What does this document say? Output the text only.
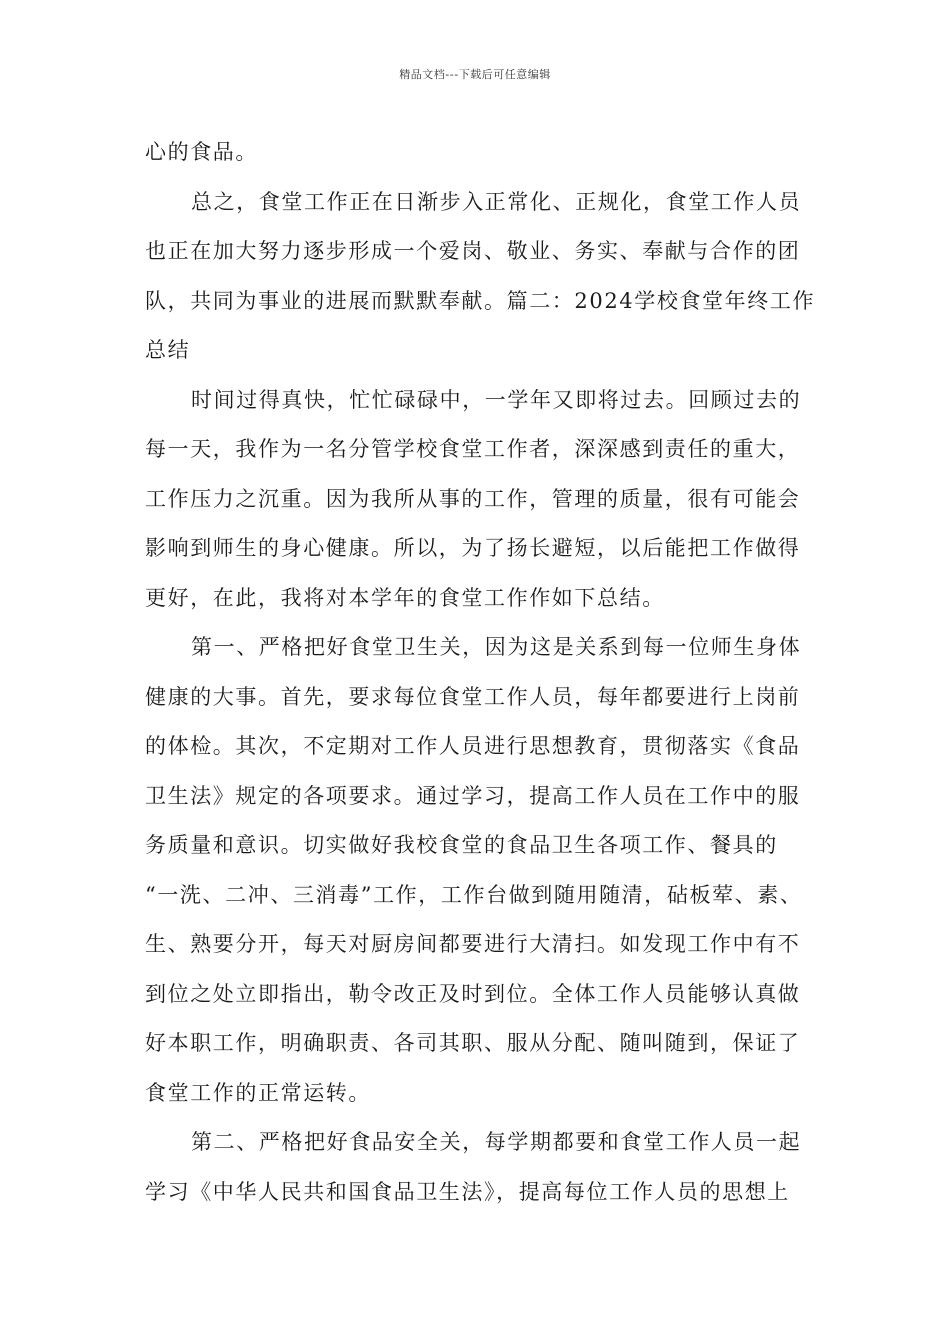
精品文档---下载后可任意编辑
心的食品。
总之，食堂工作正在日渐步入正常化、正规化，食堂工作人员
也正在加大努力逐步形成一个爱岗、敬业、务实、奉献与合作的团
队，共同为事业的进展而默默奉献。篇二：2024学校食堂年终工作
总结
时间过得真快，忙忙碌碌中，一学年又即将过去。回顾过去的
每一天，我作为一名分管学校食堂工作者，深深感到责任的重大，
工作压力之沉重。因为我所从事的工作，管理的质量，很有可能会
影响到师生的身心健康。所以，为了扬长避短，以后能把工作做得
更好，在此，我将对本学年的食堂工作作如下总结。
第一、严格把好食堂卫生关，因为这是关系到每一位师生身体
健康的大事。首先，要求每位食堂工作人员，每年都要进行上岗前
的体检。其次，不定期对工作人员进行思想教育，贯彻落实《食品
卫生法》规定的各项要求。通过学习，提高工作人员在工作中的服
务质量和意识。切实做好我校食堂的食品卫生各项工作、餐具的
“一洗、二冲、三消毒”工作，工作台做到随用随清，砧板荤、素、
生、熟要分开，每天对厨房间都要进行大清扫。如发现工作中有不
到位之处立即指出，勒令改正及时到位。全体工作人员能够认真做
好本职工作，明确职责、各司其职、服从分配、随叫随到，保证了
食堂工作的正常运转。
第二、严格把好食品安全关，每学期都要和食堂工作人员一起
学习《中华人民共和国食品卫生法》，提高每位工作人员的思想上
